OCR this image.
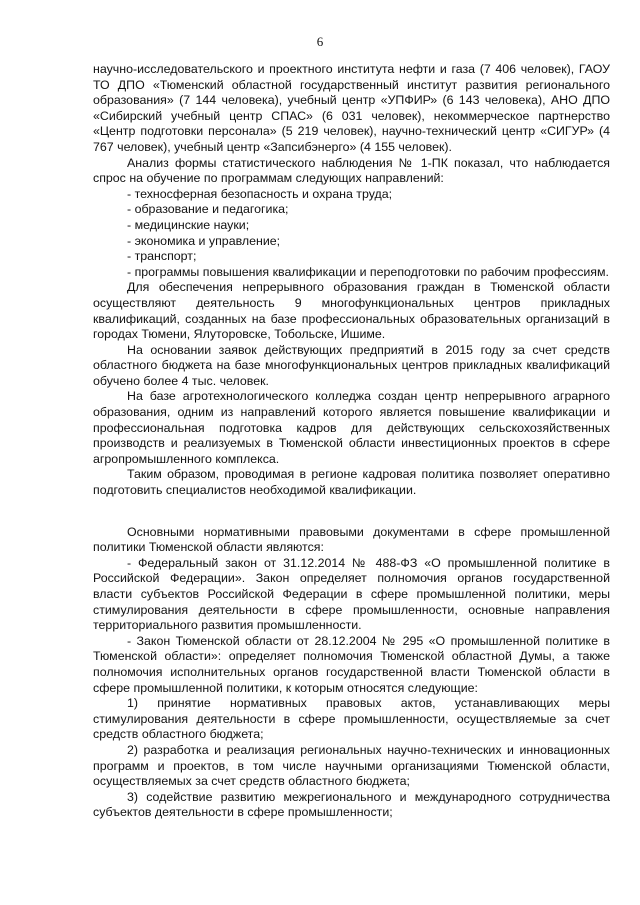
6
научно-исследовательского и проектного института нефти и газа (7 406 человек), ГАОУ ТО ДПО «Тюменский областной государственный институт развития регионального образования» (7 144 человека), учебный центр «УПФИР» (6 143 человека), АНО ДПО «Сибирский учебный центр СПАС» (6 031 человек), некоммерческое партнерство «Центр подготовки персонала» (5 219 человек), научно-технический центр «СИГУР» (4 767 человек), учебный центр «Запсибэнерго» (4 155 человек).
Анализ формы статистического наблюдения № 1-ПК показал, что наблюдается спрос на обучение по программам следующих направлений:
- техносферная безопасность и охрана труда;
- образование и педагогика;
- медицинские науки;
- экономика и управление;
- транспорт;
- программы повышения квалификации и переподготовки по рабочим профессиям.
Для обеспечения непрерывного образования граждан в Тюменской области осуществляют деятельность 9 многофункциональных центров прикладных квалификаций, созданных на базе профессиональных образовательных организаций в городах Тюмени, Ялуторовске, Тобольске, Ишиме.
На основании заявок действующих предприятий в 2015 году за счет средств областного бюджета на базе многофункциональных центров прикладных квалификаций обучено более 4 тыс. человек.
На базе агротехнологического колледжа создан центр непрерывного аграрного образования, одним из направлений которого является повышение квалификации и профессиональная подготовка кадров для действующих сельскохозяйственных производств и реализуемых в Тюменской области инвестиционных проектов в сфере агропромышленного комплекса.
Таким образом, проводимая в регионе кадровая политика позволяет оперативно подготовить специалистов необходимой квалификации.
Основными нормативными правовыми документами в сфере промышленной политики Тюменской области являются:
- Федеральный закон от 31.12.2014 № 488-ФЗ «О промышленной политике в Российской Федерации». Закон определяет полномочия органов государственной власти субъектов Российской Федерации в сфере промышленной политики, меры стимулирования деятельности в сфере промышленности, основные направления территориального развития промышленности.
- Закон Тюменской области от 28.12.2004 № 295 «О промышленной политике в Тюменской области»: определяет полномочия Тюменской областной Думы, а также полномочия исполнительных органов государственной власти Тюменской области в сфере промышленной политики, к которым относятся следующие:
1) принятие нормативных правовых актов, устанавливающих меры стимулирования деятельности в сфере промышленности, осуществляемые за счет средств областного бюджета;
2) разработка и реализация региональных научно-технических и инновационных программ и проектов, в том числе научными организациями Тюменской области, осуществляемых за счет средств областного бюджета;
3) содействие развитию межрегионального и международного сотрудничества субъектов деятельности в сфере промышленности;
